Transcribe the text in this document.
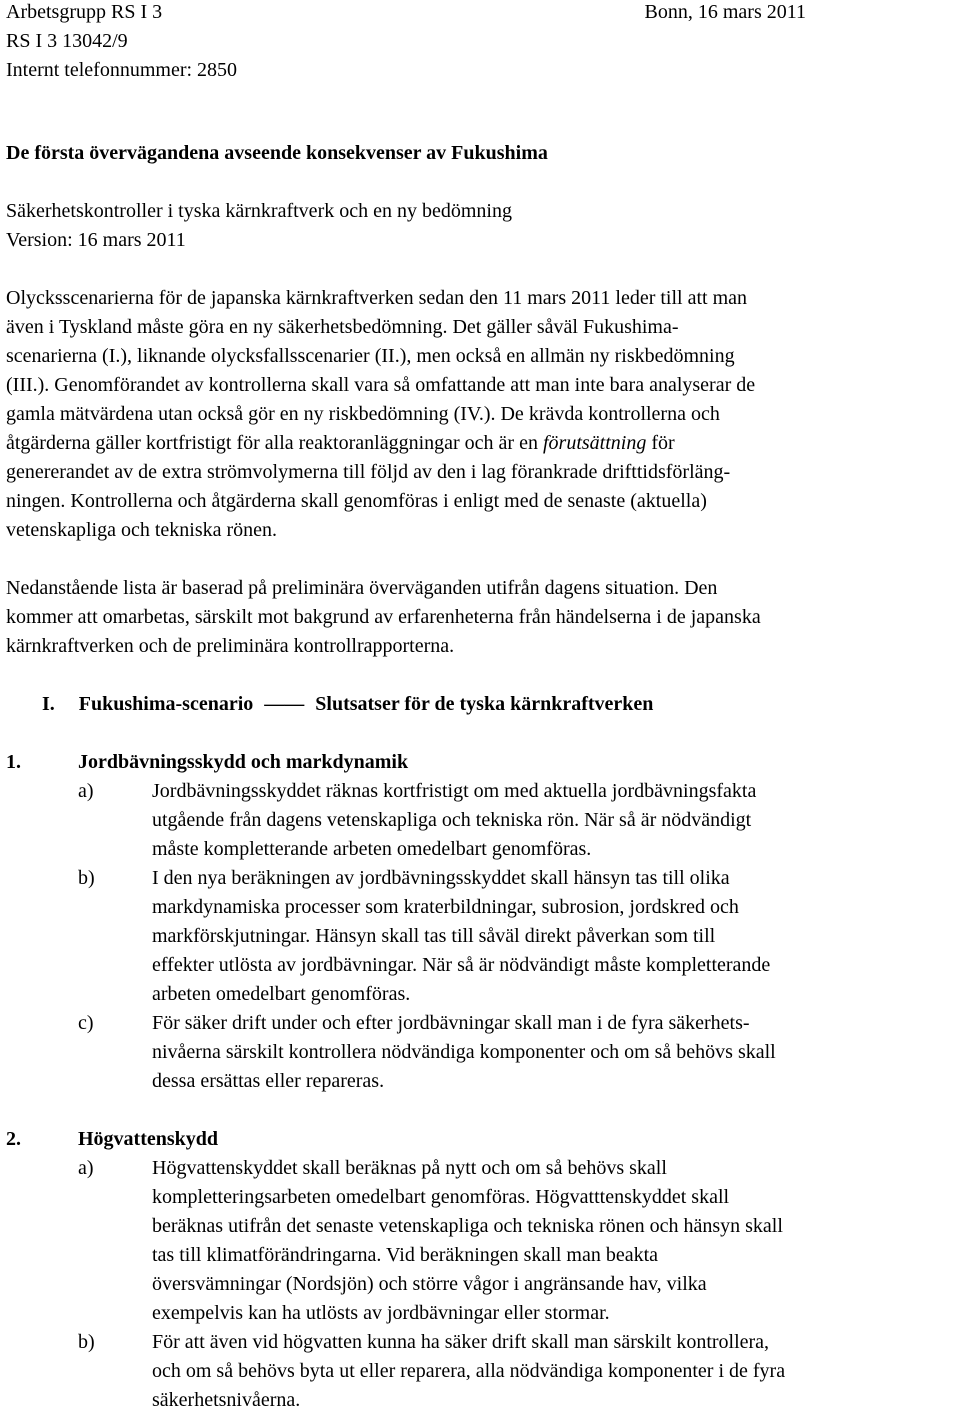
Arbetsgrupp RS I 3	Bonn, 16 mars 2011
RS I 3 13042/9
Internt telefonnummer: 2850
De första övervägandena avseende konsekvenser av Fukushima
Säkerhetskontroller i tyska kärnkraftverk och en ny bedömning
Version: 16 mars 2011
Olycksscenarierna för de japanska kärnkraftverken sedan den 11 mars 2011 leder till att man
även i Tyskland måste göra en ny säkerhetsbedömning. Det gäller såväl Fukushima-
scenarierna (I.), liknande olycksfallsscenarier (II.), men också en allmän ny riskbedömning
(III.). Genomförandet av kontrollerna skall vara så omfattande att man inte bara analyserar de
gamla mätvärdena utan också gör en ny riskbedömning (IV.). De krävda kontrollerna och
åtgärderna gäller kortfristigt för alla reaktoranläggningar och är en förutsättning för
genererandet av de extra strömvolymerna till följd av den i lag förankrade drifttidsförläng-
ningen. Kontrollerna och åtgärderna skall genomföras i enligt med de senaste (aktuella)
vetenskapliga och tekniska rönen.
Nedanstående lista är baserad på preliminära överväganden utifrån dagens situation. Den
kommer att omarbetas, särskilt mot bakgrund av erfarenheterna från händelserna i de japanska
kärnkraftverken och de preliminära kontrollrapporterna.
I. Fukushima-scenario —— Slutsatser för de tyska kärnkraftverken
1.	Jordbävningsskydd och markdynamik
a)	Jordbävningsskyddet räknas kortfristigt om med aktuella jordbävningsfakta
utgående från dagens vetenskapliga och tekniska rön. När så är nödvändigt
måste kompletterande arbeten omedelbart genomföras.
b)	I den nya beräkningen av jordbävningsskyddet skall hänsyn tas till olika
markdynamiska processer som kraterbildningar, subrosion, jordskred och
markförskjutningar. Hänsyn skall tas till såväl direkt påverkan som till
effekter utlösta av jordbävningar. När så är nödvändigt måste kompletterande
arbeten omedelbart genomföras.
c)	För säker drift under och efter jordbävningar skall man i de fyra säkerhets-
nivåerna särskilt kontrollera nödvändiga komponenter och om så behövs skall
dessa ersättas eller repareras.
2.	Högvattenskydd
a)	Högvattenskyddet skall beräknas på nytt och om så behövs skall
kompletteringsarbeten omedelbart genomföras. Högvatttenskyddet skall
beräknas utifrån det senaste vetenskapliga och tekniska rönen och hänsyn skall
tas till klimatförändringarna. Vid beräkningen skall man beakta
översvämningar (Nordsjön) och större vågor i angränsande hav, vilka
exempelvis kan ha utlösts av jordbävningar eller stormar.
b)	För att även vid högvatten kunna ha säker drift skall man särskilt kontrollera,
och om så behövs byta ut eller reparera, alla nödvändiga komponenter i de fyra
säkerhetsnivåerna.
